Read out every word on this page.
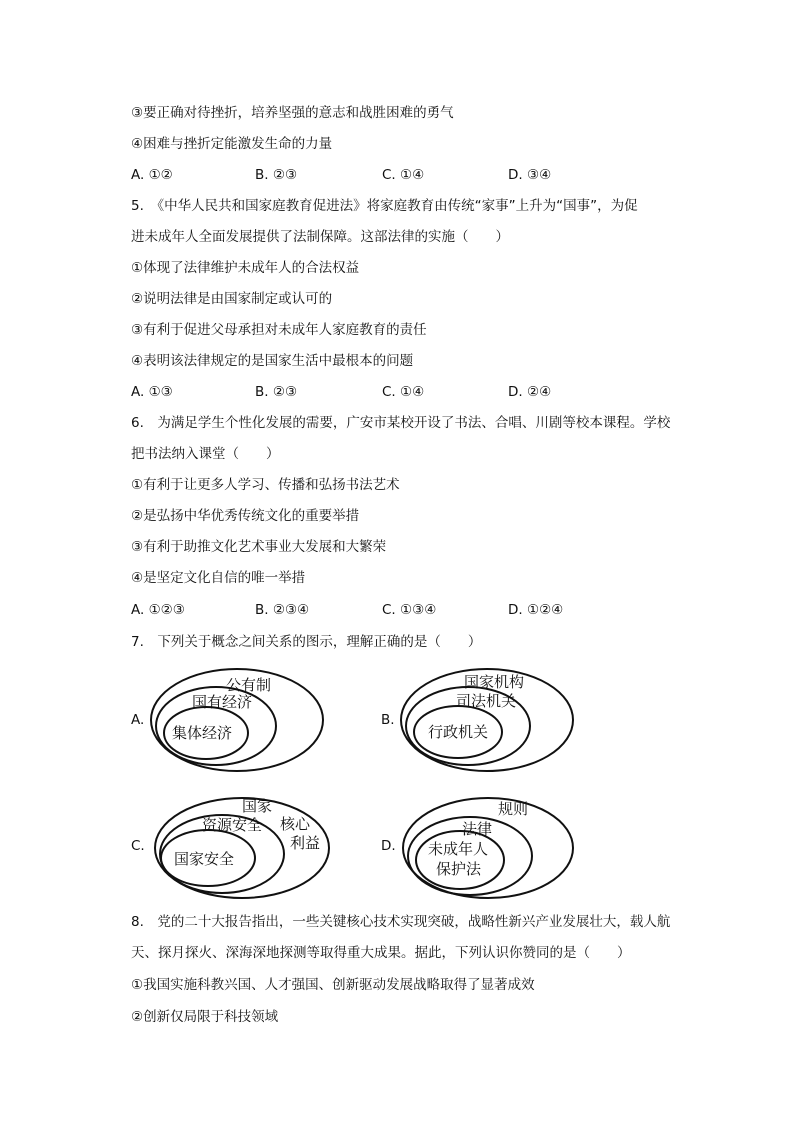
③要正确对待挫折，培养坚强的意志和战胜困难的勇气
④困难与挫折定能激发生命的力量
A. ①②	B. ②③	C. ①④	D. ③④
5.　《中华人民共和国家庭教育促进法》将家庭教育由传统“家事”上升为“国事”，为促
进未成年人全面发展提供了法制保障。这部法律的实施（　　）
①体现了法律维护未成年人的合法权益
②说明法律是由国家制定或认可的
③有利于促进父母承担对未成年人家庭教育的责任
④表明该法律规定的是国家生活中最根本的问题
A. ①③	B. ②③	C. ①④	D. ②④
6.　为满足学生个性化发展的需要，广安市某校开设了书法、合唱、川剧等校本课程。学校
把书法纳入课堂（　　）
①有利于让更多人学习、传播和弘扬书法艺术
②是弘扬中华优秀传统文化的重要举措
③有利于助推文化艺术事业大发展和大繁荣
④是坚定文化自信的唯一举措
A. ①②③	B. ②③④	C. ①③④	D. ①②④
7.　下列关于概念之间关系的图示，理解正确的是（　　）
A.	B.
C.	D.
公有制
国有经济
集体经济
国家机构
司法机关
行政机关
国家
核心
利益
资源安全
国家安全
规则
法律
未成年人
保护法
8.　党的二十大报告指出，一些关键核心技术实现突破，战略性新兴产业发展壮大，载人航
天、探月探火、深海深地探测等取得重大成果。据此，下列认识你赞同的是（　　）
①我国实施科教兴国、人才强国、创新驱动发展战略取得了显著成效
②创新仅局限于科技领域
